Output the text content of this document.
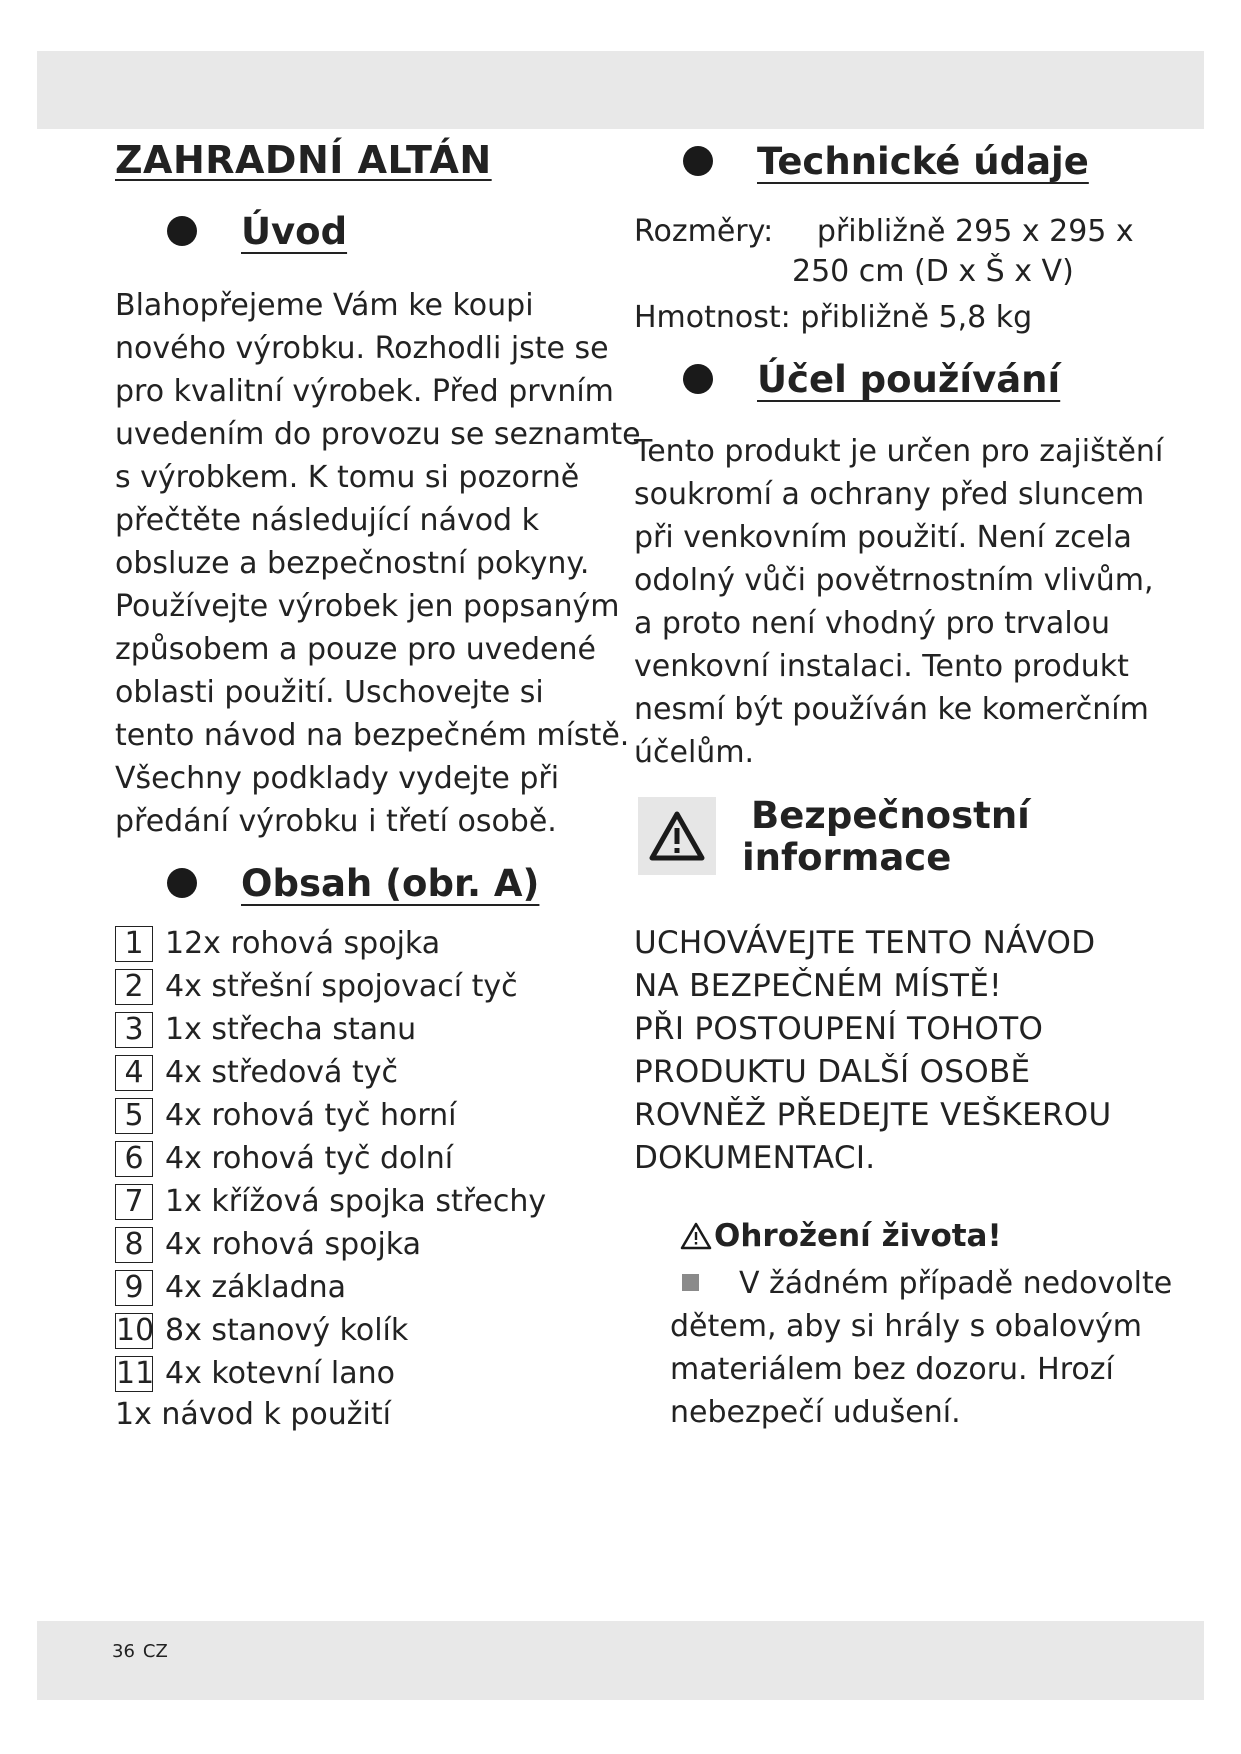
ZAHRADNÍ ALTÁN
Úvod

Blahopřejeme Vám ke koupi
nového výrobku. Rozhodli jste se
pro kvalitní výrobek. Před prvním
uvedením do provozu se seznamte
s výrobkem. K tomu si pozorně
přečtěte následující návod k
obsluze a bezpečnostní pokyny.
Používejte výrobek jen popsaným
způsobem a pouze pro uvedené
oblasti použití. Uschovejte si
tento návod na bezpečném místě.
Všechny podklady vydejte při
předání výrobku i třetí osobě.

Obsah (obr. A)
1 12x rohová spojka
2 4x střešní spojovací tyč
3 1x střecha stanu
4 4x středová tyč
5 4x rohová tyč horní
6 4x rohová tyč dolní
7 1x křížová spojka střechy
8 4x rohová spojka
9 4x základna
10 8x stanový kolík
11 4x kotevní lano
1x návod k použití
Technické údaje
Rozměry: přibližně 295 x 295 x
250 cm (D x Š x V)
Hmotnost: přibližně 5,8 kg
Účel používání

Tento produkt je určen pro zajištění
soukromí a ochrany před sluncem
při venkovním použití. Není zcela
odolný vůči povětrnostním vlivům,
a proto není vhodný pro trvalou
venkovní instalaci. Tento produkt
nesmí být používán ke komerčním
účelům.

Bezpečnostní
informace

UCHOVÁVEJTE TENTO NÁVOD
NA BEZPEČNÉM MÍSTĚ!
PŘI POSTOUPENÍ TOHOTO
PRODUKTU DALŠÍ OSOBĚ
ROVNĚŽ PŘEDEJTE VEŠKEROU
DOKUMENTACI.

Ohrožení života!

V žádném případě nedovolte
dětem, aby si hrály s obalovým
materiálem bez dozoru. Hrozí
nebezpečí udušení.

36 CZ
